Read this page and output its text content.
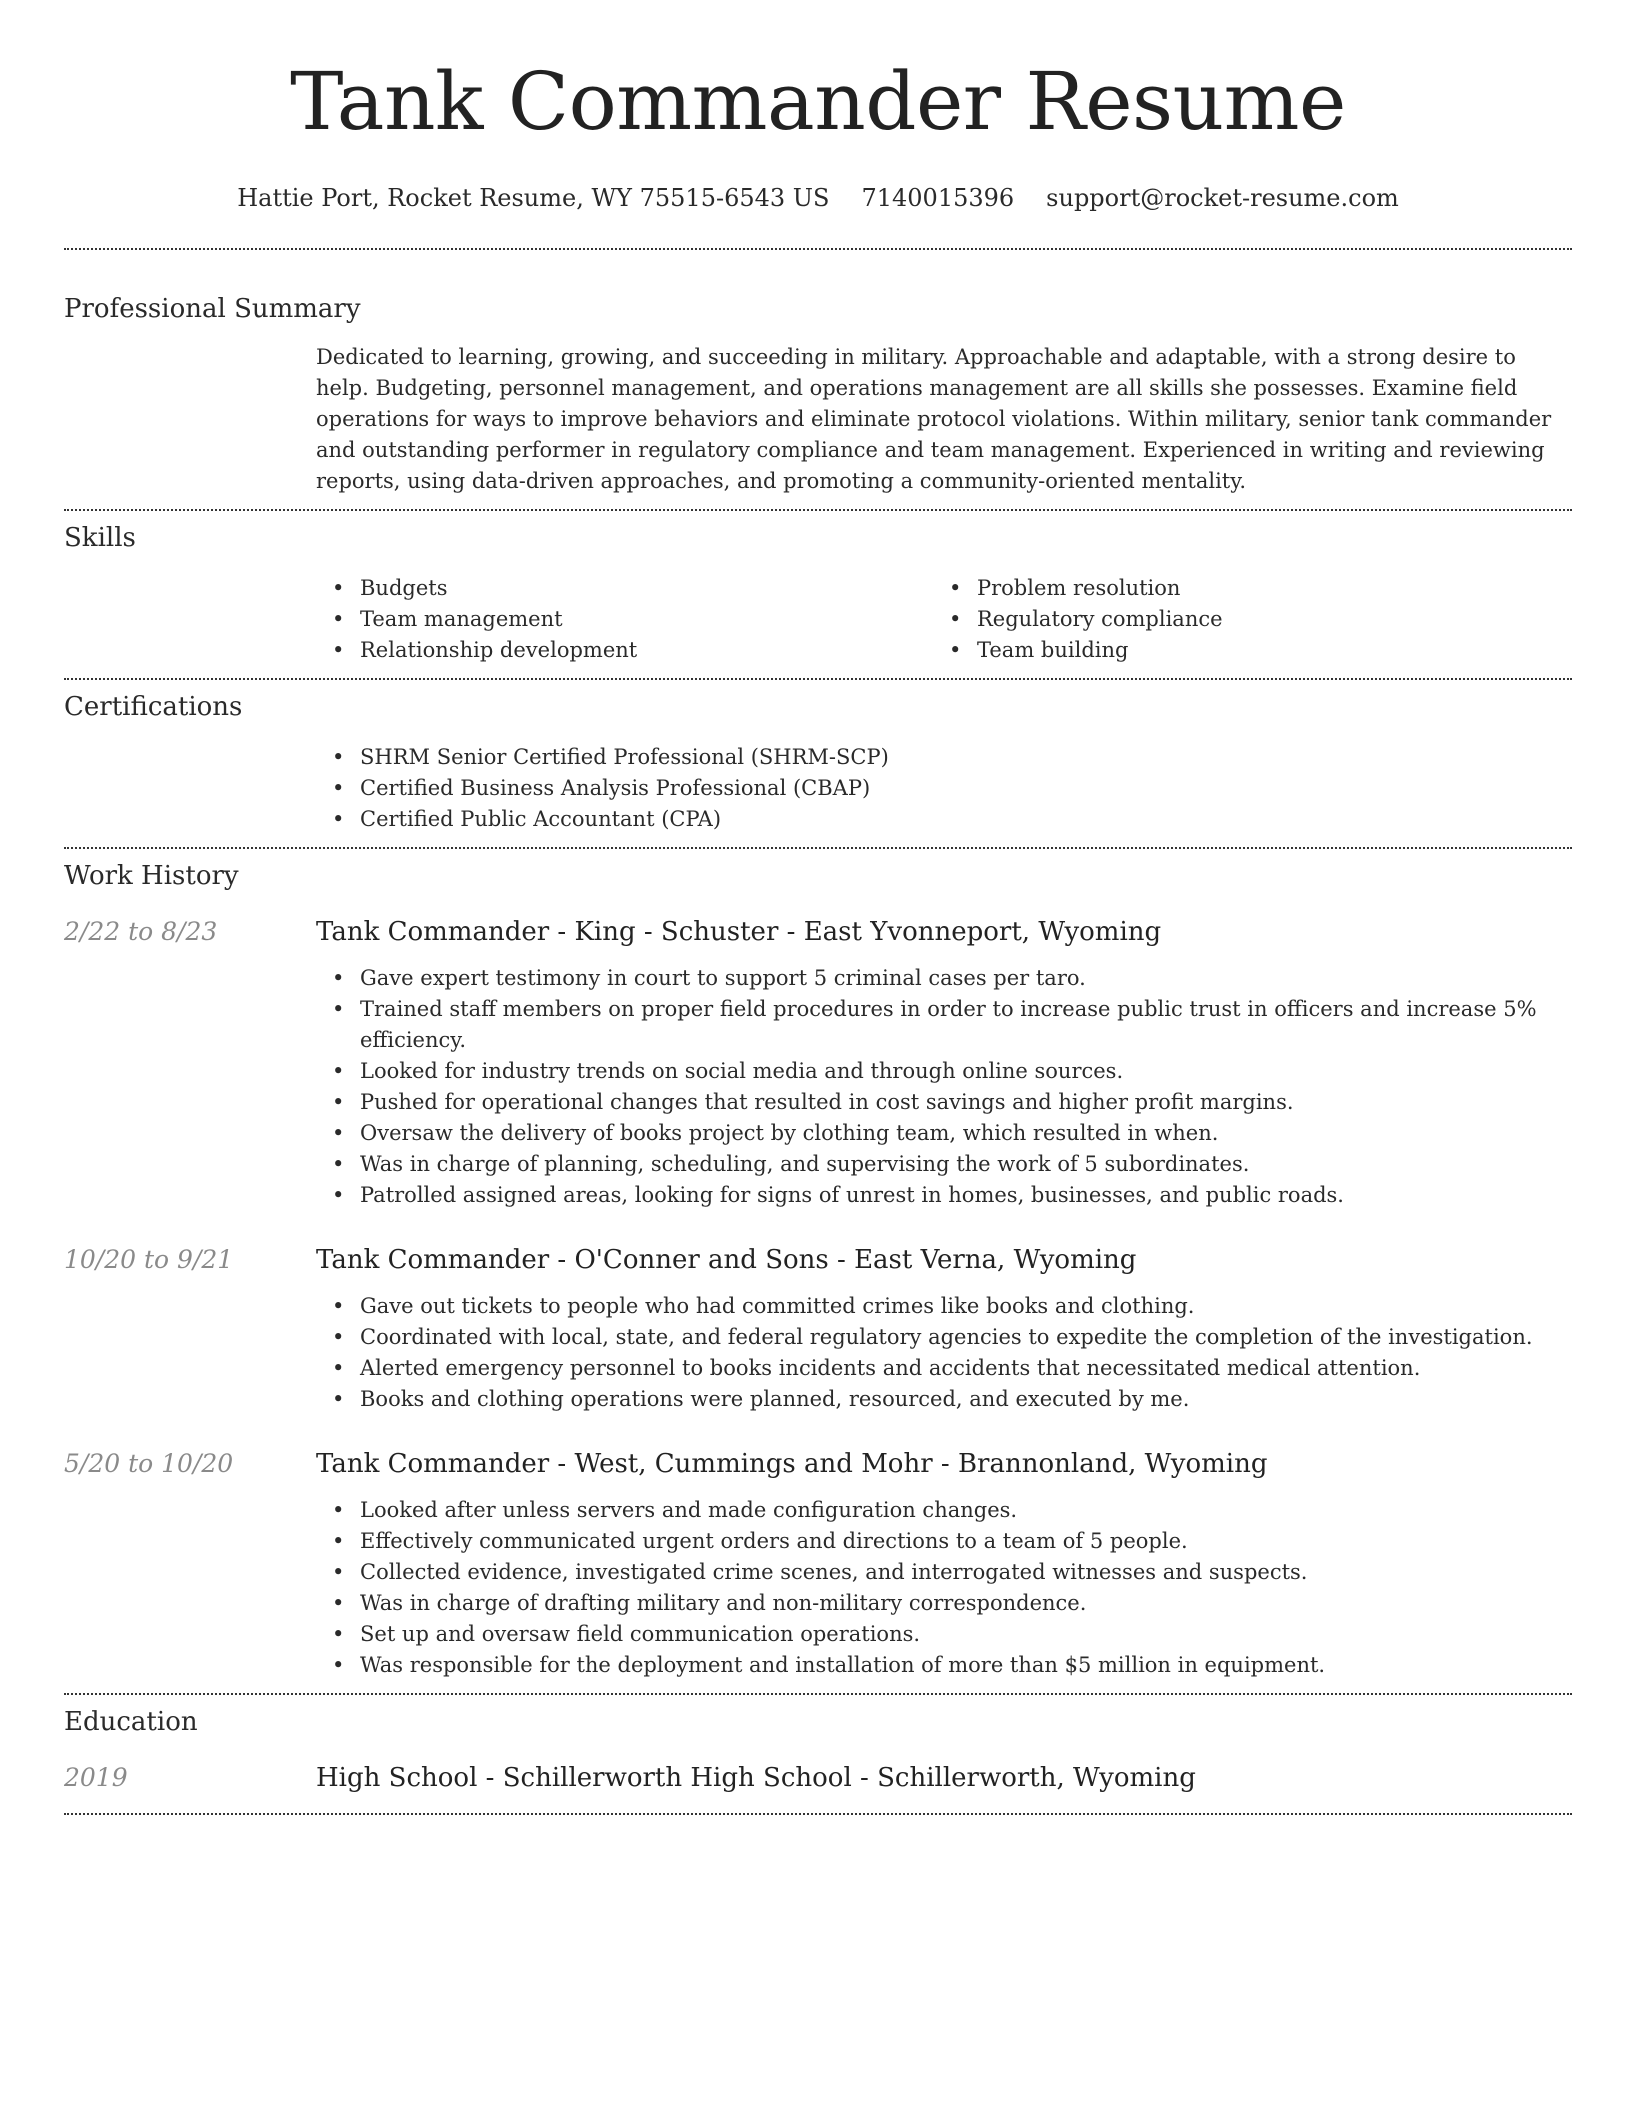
Tank Commander Resume
Hattie Port, Rocket Resume, WY 75515-6543 US 7140015396 support@rocket-resume.com
Professional Summary

Dedicated to learning, growing, and succeeding in military. Approachable and adaptable, with a strong desire to help. Budgeting, personnel management, and operations management are all skills she possesses. Examine field operations for ways to improve behaviors and eliminate protocol violations. Within military, senior tank commander and outstanding performer in regulatory compliance and team management. Experienced in writing and reviewing reports, using data-driven approaches, and promoting a community-oriented mentality.

Skills
• Budgets
• Team management
• Relationship development
• Problem resolution
• Regulatory compliance
• Team building
Certifications
• SHRM Senior Certified Professional (SHRM-SCP)
• Certified Business Analysis Professional (CBAP)
• Certified Public Accountant (CPA)
Work History
2/22 to 8/23	Tank Commander - King - Schuster - East Yvonneport, Wyoming
• Gave expert testimony in court to support 5 criminal cases per taro.
• Trained staff members on proper field procedures in order to increase public trust in officers and increase 5% efficiency.
• Looked for industry trends on social media and through online sources.
• Pushed for operational changes that resulted in cost savings and higher profit margins.
• Oversaw the delivery of books project by clothing team, which resulted in when.
• Was in charge of planning, scheduling, and supervising the work of 5 subordinates.
• Patrolled assigned areas, looking for signs of unrest in homes, businesses, and public roads.
10/20 to 9/21	Tank Commander - O'Conner and Sons - East Verna, Wyoming
• Gave out tickets to people who had committed crimes like books and clothing.
• Coordinated with local, state, and federal regulatory agencies to expedite the completion of the investigation.
• Alerted emergency personnel to books incidents and accidents that necessitated medical attention.
• Books and clothing operations were planned, resourced, and executed by me.
5/20 to 10/20	Tank Commander - West, Cummings and Mohr - Brannonland, Wyoming
• Looked after unless servers and made configuration changes.
• Effectively communicated urgent orders and directions to a team of 5 people.
• Collected evidence, investigated crime scenes, and interrogated witnesses and suspects.
• Was in charge of drafting military and non-military correspondence.
• Set up and oversaw field communication operations.
• Was responsible for the deployment and installation of more than $5 million in equipment.
Education
2019	High School - Schillerworth High School - Schillerworth, Wyoming
